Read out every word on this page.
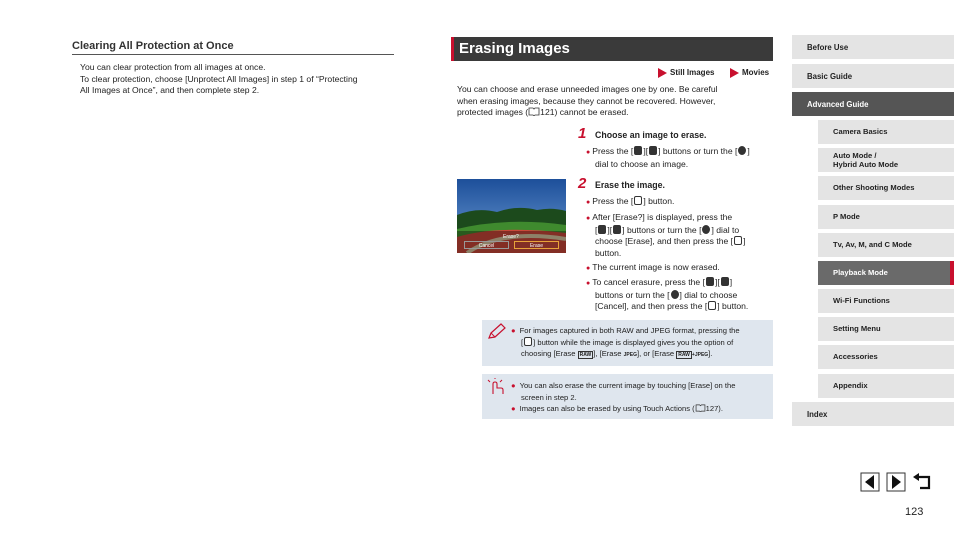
Clearing All Protection at Once

You can clear protection from all images at once.

To clear protection, choose [Unprotect All Images] in step 1 of “Protecting

All Images at Once”, and then complete step 2.

Erasing Images
Still Images	Movies
You can choose and erase unneeded images one by one. Be careful
when erasing images, because they cannot be recovered. However,
protected images ( 121) cannot be erased.
1 Choose an image to erase.
● Press the [ ][ ] buttons or turn the [ ]
dial to choose an image.
Erase?
Cancel	Erase
2 Erase the image.
● Press the [ ] button.
● After [Erase?] is displayed, press the
[ ][ ] buttons or turn the [ ] dial to
choose [Erase], and then press the [ ]
button.
● The current image is now erased.
● To cancel erasure, press the [ ][ ]
buttons or turn the [ ] dial to choose
[Cancel], and then press the [ ] button.
● For images captured in both RAW and JPEG format, pressing the
[ ] button while the image is displayed gives you the option of
choosing [Erase RAW ], [Erase JPEG], or [Erase RAW +JPEG].
● You can also erase the current image by touching [Erase] on the
screen in step 2.
● Images can also be erased by using Touch Actions ( 127).
Before Use
Basic Guide
Advanced Guide
Camera Basics
Auto Mode /
Hybrid Auto Mode
Other Shooting Modes
P Mode
Tv, Av, M, and C Mode
Playback Mode
Wi-Fi Functions
Setting Menu
Accessories
Appendix
Index
123
